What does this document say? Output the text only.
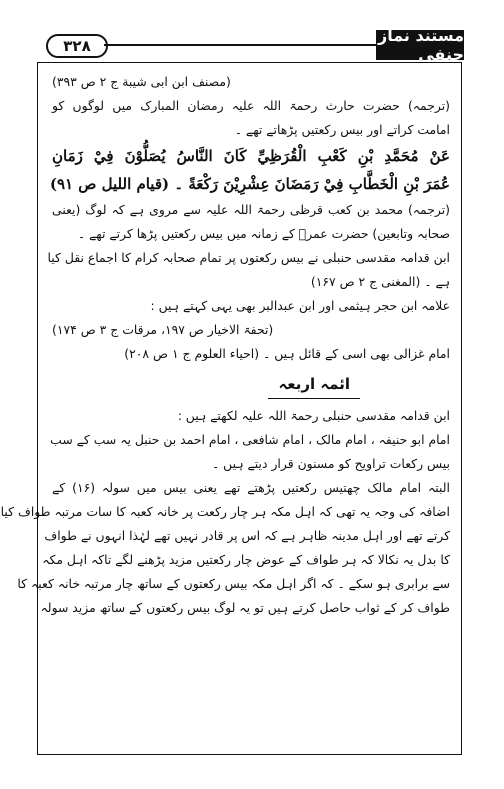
۳۲۸
مستند نماز حنفی
(مصنف ابن ابی شیبة ج ۲ ص ۳۹۳)
(ترجمہ) حضرت حارث رحمۃ اللہ علیہ رمضان المبارک میں لوگوں کو
امامت کراتے اور بیس رکعتیں پڑھاتے تھے ۔
عَنْ مُحَمَّدِ بْنِ كَعْبِ الْقُرَظِيِّ كَانَ النَّاسُ يُصَلُّوْنَ فِيْ زَمَانِ
عُمَرَ بْنِ الْخَطَّابِ فِيْ رَمَضَانَ عِشْرِيْنَ رَكْعَةً ۔ (قیام اللیل ص ۹۱)
(ترجمہ) محمد بن کعب قرظی رحمۃ اللہ علیہ سے مروی ہے کہ لوگ (یعنی
صحابہ وتابعین) حضرت عمرؓ کے زمانہ میں بیس رکعتیں پڑھا کرتے تھے ۔
ابن قدامہ مقدسی حنبلی نے بیس رکعتوں پر تمام صحابہ کرام کا اجماع نقل کیا
ہے ۔ (المغنی ج ۲ ص ۱۶۷)
علامہ ابن حجر ہیثمی اور ابن عبدالبر بھی یہی کہتے ہیں :
(تحفۃ الاخیار ص ۱۹۷، مرقات ج ۳ ص ۱۷۴)
امام غزالی بھی اسی کے قائل ہیں ۔ (احیاء العلوم ج ۱ ص ۲۰۸)
ائمہ اربعہ
ابن قدامہ مقدسی حنبلی رحمۃ اللہ علیہ لکھتے ہیں :
امام ابو حنیفہ ، امام مالک ، امام شافعی ، امام احمد بن حنبل یہ سب کے سب
بیس رکعات تراویح کو مسنون قرار دیتے ہیں ۔
البتہ امام مالک چھتیس رکعتیں پڑھتے تھے یعنی بیس میں سولہ (۱۶) کے
اضافہ کی وجہ یہ تھی کہ اہل مکہ ہر چار رکعت پر خانہ کعبہ کا سات مرتبہ طواف کیا
کرتے تھے اور اہل مدینہ ظاہر ہے کہ اس پر قادر نہیں تھے لہٰذا انہوں نے طواف
کا بدل یہ نکالا کہ ہر طواف کے عوض چار رکعتیں مزید پڑھنے لگے تاکہ اہل مکہ
سے برابری ہو سکے ۔ کہ اگر اہل مکہ بیس رکعتوں کے ساتھ چار مرتبہ خانہ کعبہ کا
طواف کر کے ثواب حاصل کرتے ہیں تو یہ لوگ بیس رکعتوں کے ساتھ مزید سولہ
